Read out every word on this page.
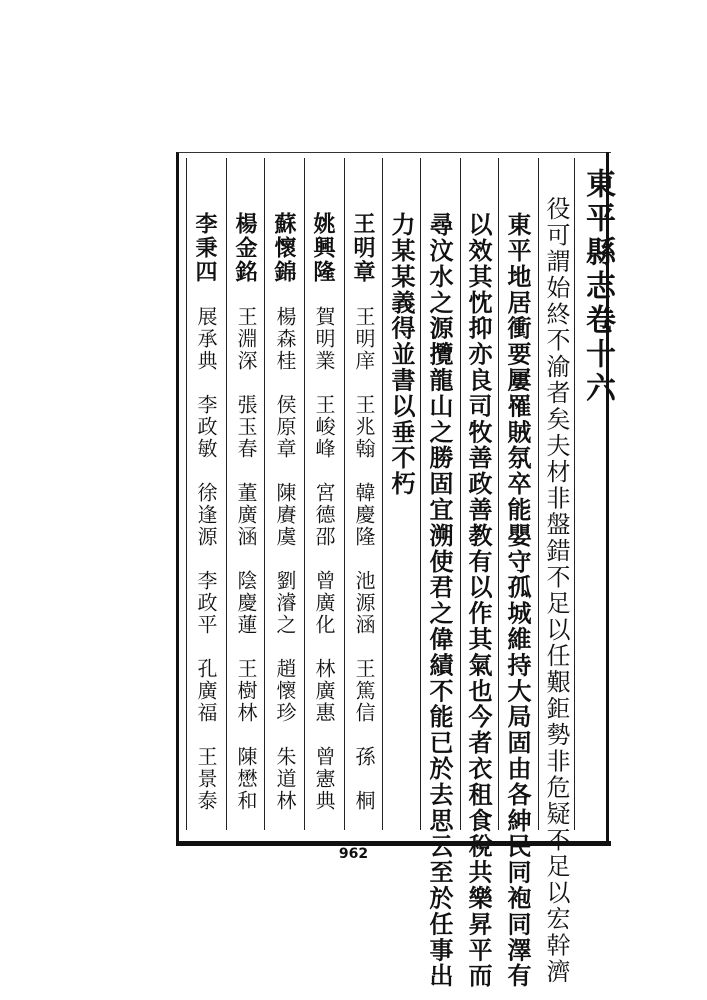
東平縣志卷十六
役可謂始終不渝者矣夫材非盤錯不足以任艱鉅勢非危疑不足以宏幹濟
東平地居衝要屢罹賊氛卒能嬰守孤城維持大局固由各紳民同袍同澤有
以效其忱抑亦良司牧善政善教有以作其氣也今者衣租食稅共樂昇平而
尋汶水之源攬龍山之勝固宜溯使君之偉績不能已於去思云至於任事出
力某某義得並書以垂不朽
王明章
王明庠
王兆翰
韓慶隆
池源涵
王篤信
孫　桐
姚興隆
賀明業
王峻峰
宮德邵
曾廣化
林廣惠
曾憲典
蘇懷錦
楊森桂
侯原章
陳賡虞
劉濬之
趙懷珍
朱道林
楊金銘
王淵深
張玉春
董廣涵
陰慶蓮
王樹林
陳懋和
李秉四
展承典
李政敏
徐逢源
李政平
孔廣福
王景泰
962
